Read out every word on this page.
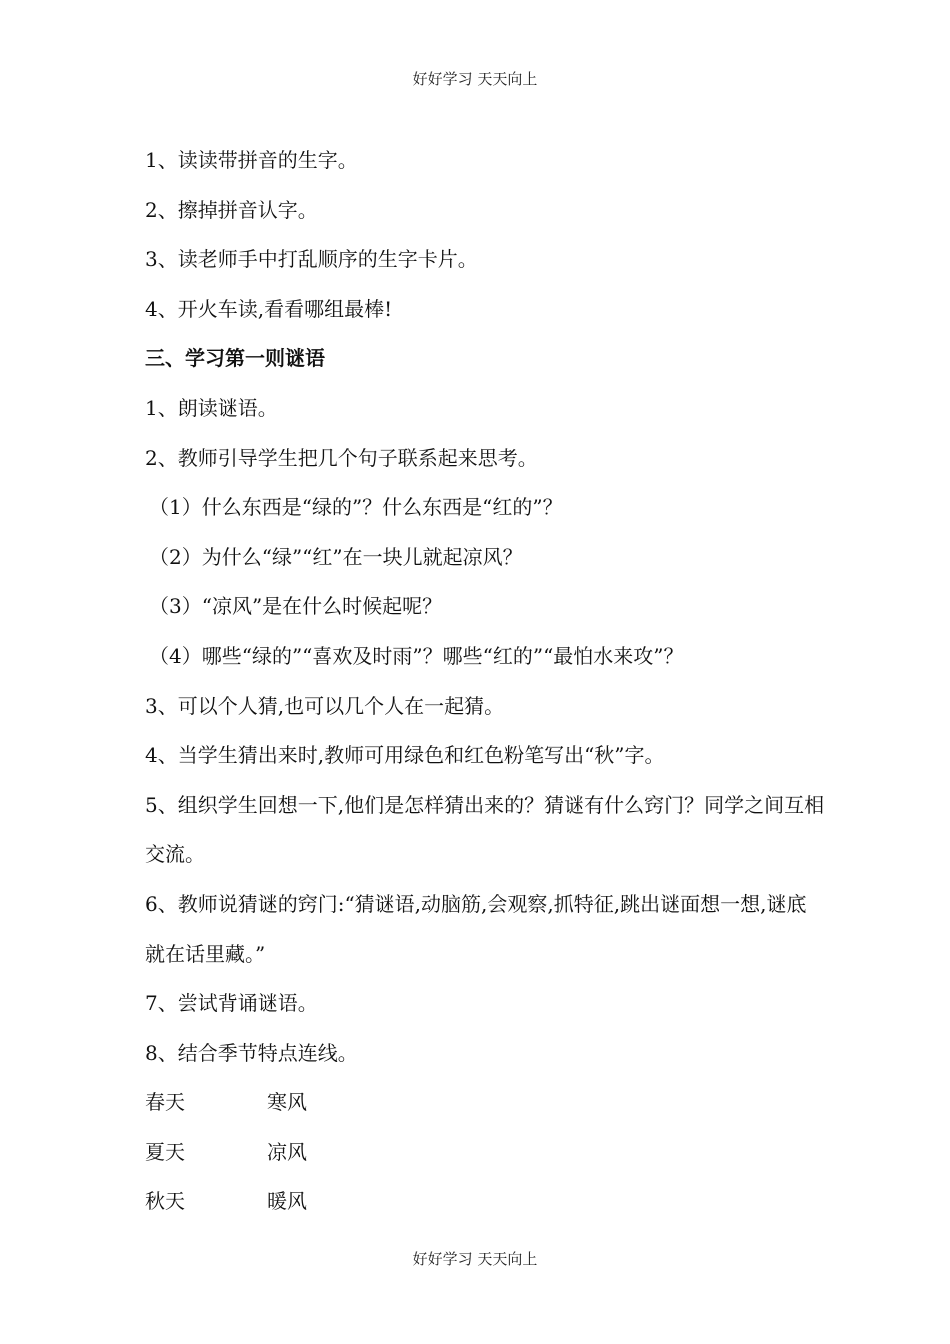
好好学习 天天向上
1、读读带拼音的生字。
2、擦掉拼音认字。
3、读老师手中打乱顺序的生字卡片。
4、开火车读,看看哪组最棒!
三、学习第一则谜语
1、朗读谜语。
2、教师引导学生把几个句子联系起来思考。
（1）什么东西是“绿的”？什么东西是“红的”？
（2）为什么“绿”“红”在一块儿就起凉风？
（3）“凉风”是在什么时候起呢？
（4）哪些“绿的”“喜欢及时雨”？哪些“红的”“最怕水来攻”？
3、可以个人猜,也可以几个人在一起猜。
4、当学生猜出来时,教师可用绿色和红色粉笔写出“秋”字。
5、组织学生回想一下,他们是怎样猜出来的？猜谜有什么窍门？同学之间互相交流。
6、教师说猜谜的窍门:“猜谜语,动脑筋,会观察,抓特征,跳出谜面想一想,谜底就在话里藏。”
7、尝试背诵谜语。
8、结合季节特点连线。
春天	寒风
夏天	凉风
秋天	暖风
好好学习 天天向上
